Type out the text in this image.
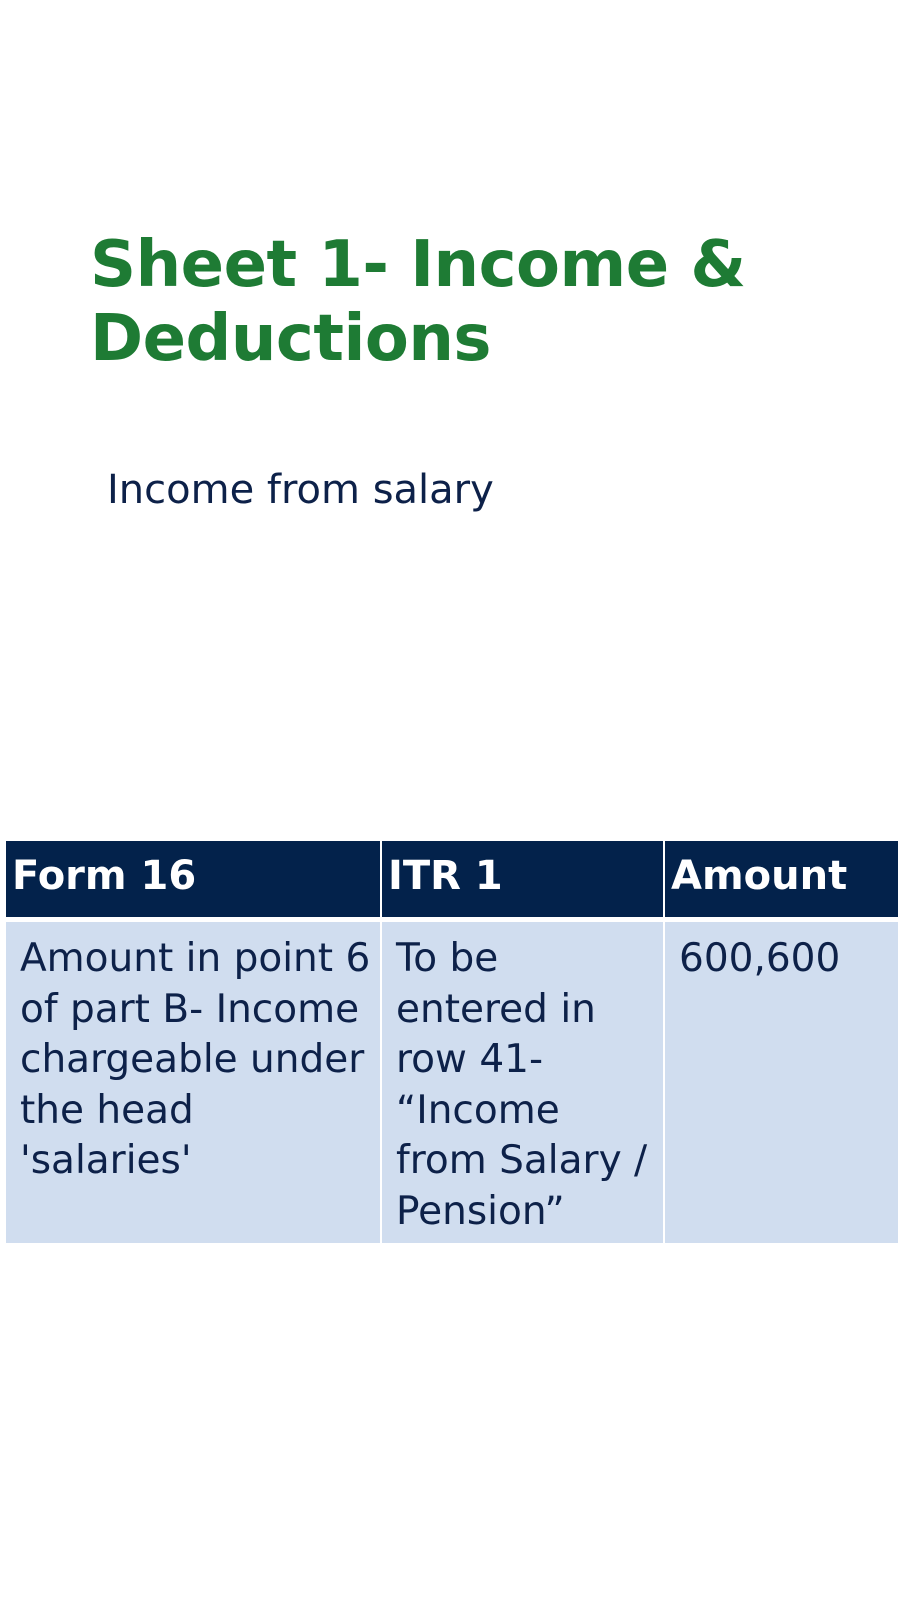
Sheet 1- Income & Deductions

Income from salary

Form 16	ITR 1	Amount
Amount in point 6 of part B- Income chargeable under the head 'salaries'	To be entered in row 41- “Income from Salary / Pension”	600,600
